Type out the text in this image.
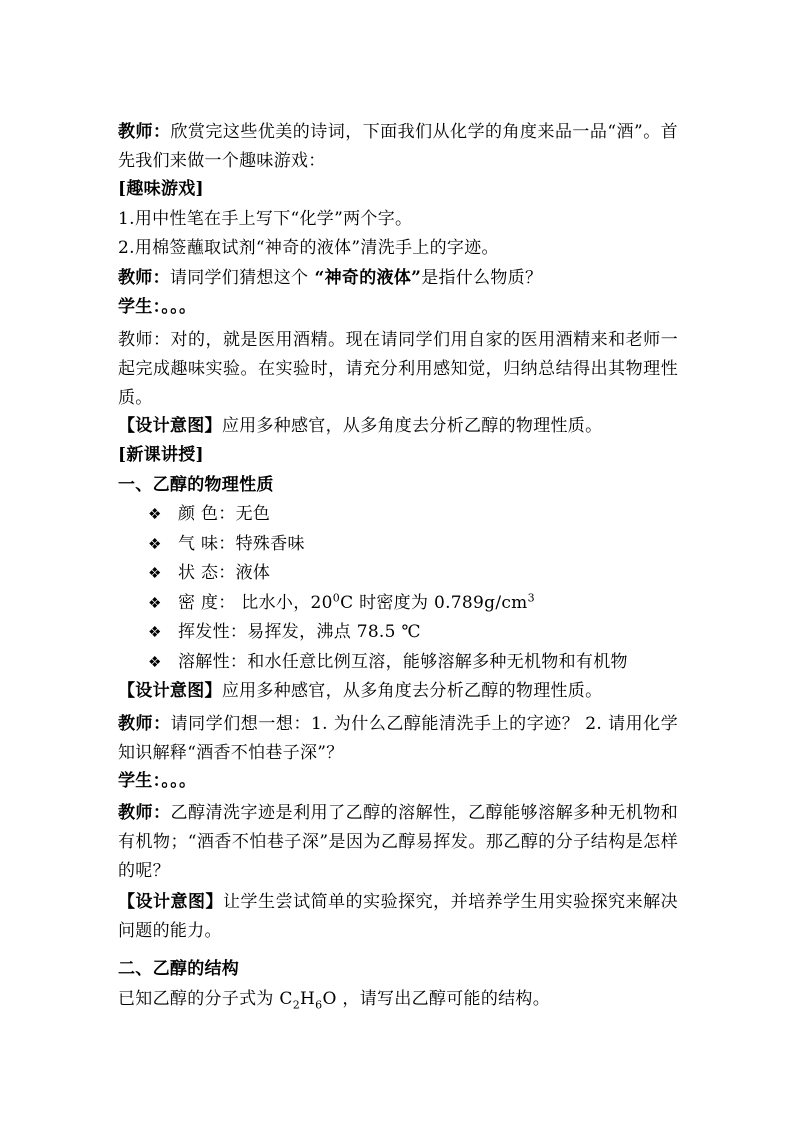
教师：欣赏完这些优美的诗词，下面我们从化学的角度来品一品“酒”。首先我们来做一个趣味游戏：

[趣味游戏]

1.用中性笔在手上写下“化学”两个字。

2.用棉签蘸取试剂“神奇的液体”清洗手上的字迹。

教师：请同学们猜想这个 “神奇的液体”是指什么物质？

学生：。。。

教师：对的，就是医用酒精。现在请同学们用自家的医用酒精来和老师一起完成趣味实验。在实验时，请充分利用感知觉，归纳总结得出其物理性质。

【设计意图】应用多种感官，从多角度去分析乙醇的物理性质。

[新课讲授]

一、乙醇的物理性质

❖ 颜 色：无色

❖ 气 味：特殊香味

❖ 状 态：液体

❖ 密 度： 比水小，$20^0C$ 时密度为 $0.789g/cm^3$

❖ 挥发性：易挥发，沸点 78.5 ℃

❖ 溶解性：和水任意比例互溶，能够溶解多种无机物和有机物

【设计意图】应用多种感官，从多角度去分析乙醇的物理性质。

教师：请同学们想一想：1. 为什么乙醇能清洗手上的字迹？ 2. 请用化学知识解释“酒香不怕巷子深”？

学生：。。。

教师：乙醇清洗字迹是利用了乙醇的溶解性，乙醇能够溶解多种无机物和有机物；“酒香不怕巷子深”是因为乙醇易挥发。那乙醇的分子结构是怎样的呢？

【设计意图】让学生尝试简单的实验探究，并培养学生用实验探究来解决问题的能力。

二、乙醇的结构

已知乙醇的分子式为 $C_2H_6O$ ，请写出乙醇可能的结构。
